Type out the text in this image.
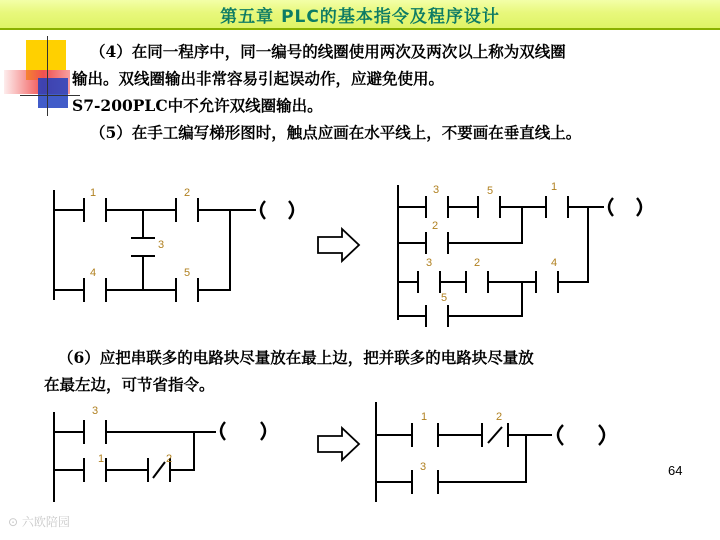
第五章 PLC的基本指令及程序设计
（4）在同一程序中，同一编号的线圈使用两次及两次以上称为双线圈
输出。双线圈输出非常容易引起误动作，应避免使用。
S7-200PLC中不允许双线圈输出。
（5）在手工编写梯形图时，触点应画在水平线上，不要画在垂直线上。
（6）应把串联多的电路块尽量放在最上边，把并联多的电路块尽量放
在最左边，可节省指令。
1	2
3
4	5
3	5	1
2
3	2	4
5
3
1	2
1	2
3	64
⊙ 六欧陪园
